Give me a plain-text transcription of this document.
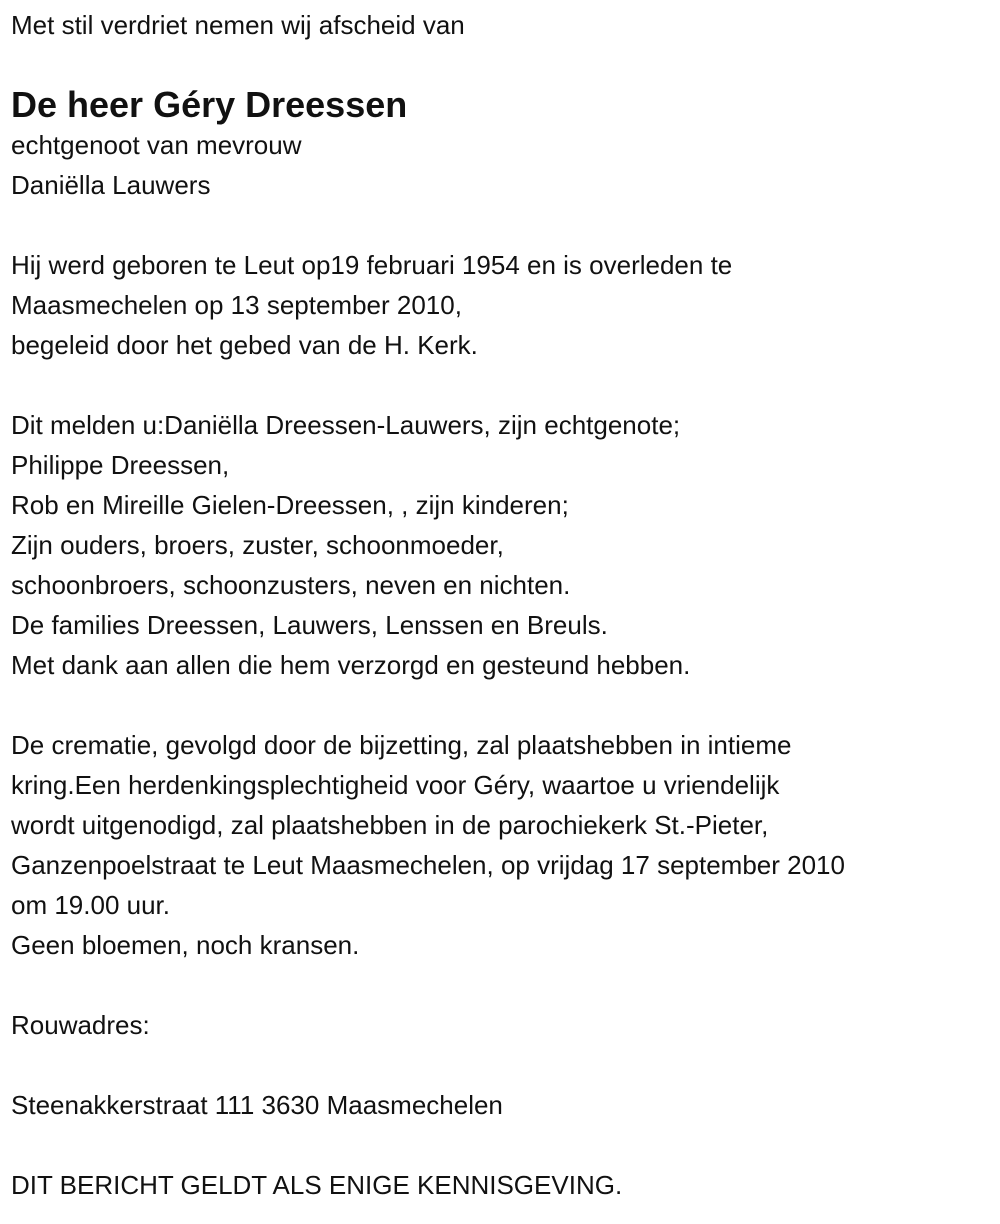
Met stil verdriet nemen wij afscheid van
De heer Géry Dreessen
echtgenoot van mevrouw
Daniëlla Lauwers
Hij werd geboren te Leut op19 februari 1954 en is overleden te
Maasmechelen op 13 september 2010,
begeleid door het gebed van de H. Kerk.
Dit melden u:Daniëlla Dreessen-Lauwers, zijn echtgenote;
Philippe Dreessen,
Rob en Mireille Gielen-Dreessen, , zijn kinderen;
Zijn ouders, broers, zuster, schoonmoeder,
schoonbroers, schoonzusters, neven en nichten.
De families Dreessen, Lauwers, Lenssen en Breuls.
Met dank aan allen die hem verzorgd en gesteund hebben.
De crematie, gevolgd door de bijzetting, zal plaatshebben in intieme
kring.Een herdenkingsplechtigheid voor Géry, waartoe u vriendelijk
wordt uitgenodigd, zal plaatshebben in de parochiekerk St.-Pieter,
Ganzenpoelstraat te Leut Maasmechelen, op vrijdag 17 september 2010
om 19.00 uur.
Geen bloemen, noch kransen.
Rouwadres:
Steenakkerstraat 111 3630 Maasmechelen
DIT BERICHT GELDT ALS ENIGE KENNISGEVING.
